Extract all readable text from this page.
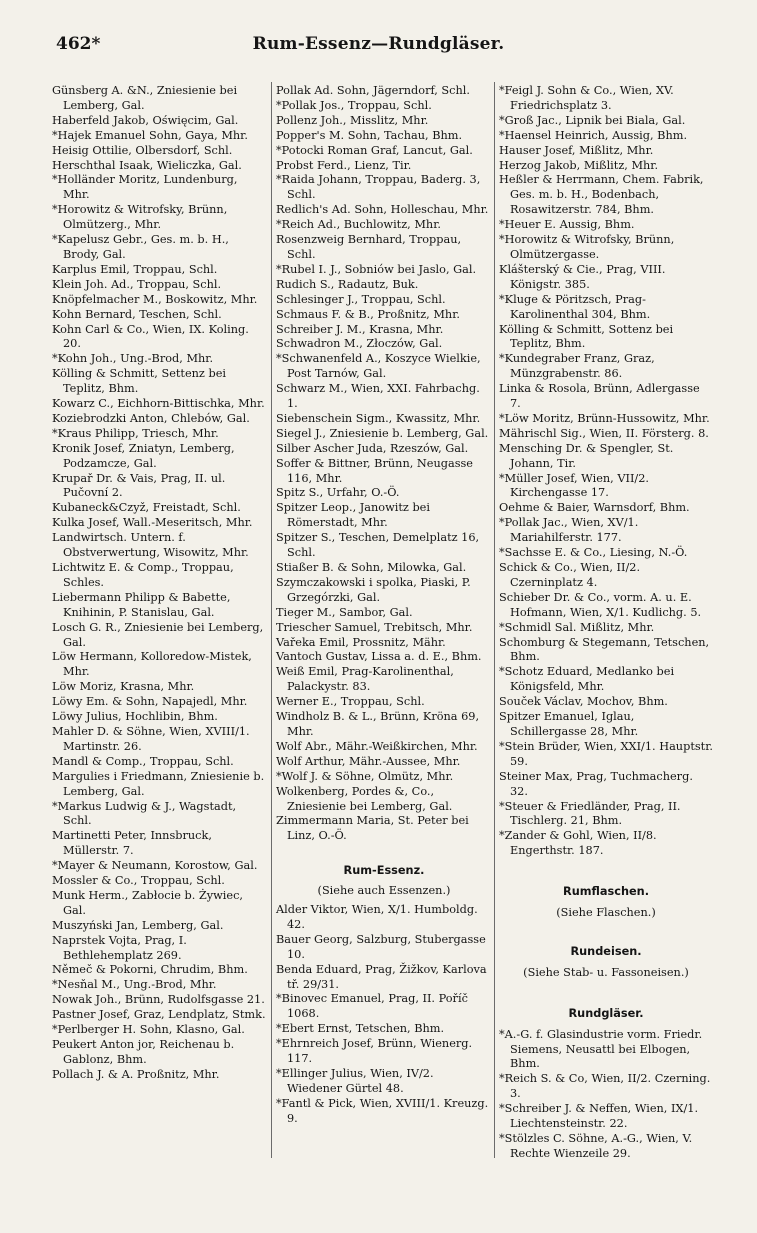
462*	Rum-Essenz—Rundgläser.
Günsberg A. &N., Zniesienie bei Lemberg, Gal.
Haberfeld Jakob, Oświęcim, Gal.
*Hajek Emanuel Sohn, Gaya, Mhr.
Heisig Ottilie, Olbersdorf, Schl.
Herschthal Isaak, Wieliczka, Gal.
*Holländer Moritz, Lundenburg, Mhr.
*Horowitz & Witrofsky, Brünn, Olmützerg., Mhr.
*Kapelusz Gebr., Ges. m. b. H., Brody, Gal.
Karplus Emil, Troppau, Schl.
Klein Joh. Ad., Troppau, Schl.
Knöpfelmacher M., Boskowitz, Mhr.
Kohn Bernard, Teschen, Schl.
Kohn Carl & Co., Wien, IX. Koling. 20.
*Kohn Joh., Ung.-Brod, Mhr.
Kölling & Schmitt, Settenz bei Teplitz, Bhm.
Kowarz C., Eichhorn-Bittischka, Mhr.
Koziebrodzki Anton, Chlebów, Gal.
*Kraus Philipp, Triesch, Mhr.
Kronik Josef, Zniatyn, Lemberg, Podzamcze, Gal.
Krupař Dr. & Vais, Prag, II. ul. Pučovní 2.
Kubaneck&Czyž, Freistadt, Schl.
Kulka Josef, Wall.-Meseritsch, Mhr.
Landwirtsch. Untern. f. Obstverwertung, Wisowitz, Mhr.
Lichtwitz E. & Comp., Troppau, Schles.
Liebermann Philipp & Babette, Knihinin, P. Stanislau, Gal.
Losch G. R., Zniesienie bei Lemberg, Gal.
Löw Hermann, Kolloredow-Mistek, Mhr.
Löw Moriz, Krasna, Mhr.
Löwy Em. & Sohn, Napajedl, Mhr.
Löwy Julius, Hochlibin, Bhm.
Mahler D. & Söhne, Wien, XVIII/1. Martinstr. 26.
Mandl & Comp., Troppau, Schl.
Margulies i Friedmann, Zniesienie b. Lemberg, Gal.
*Markus Ludwig & J., Wagstadt, Schl.
Martinetti Peter, Innsbruck, Müllerstr. 7.
*Mayer & Neumann, Korostow, Gal.
Mossler & Co., Troppau, Schl.
Munk Herm., Zabłocie b. Żywiec, Gal.
Muszyński Jan, Lemberg, Gal.
Naprstek Vojta, Prag, I. Bethlehemplatz 269.
Němeč & Pokorni, Chrudim, Bhm.
*Nesňal M., Ung.-Brod, Mhr.
Nowak Joh., Brünn, Rudolfsgasse 21.
Pastner Josef, Graz, Lendplatz, Stmk.
*Perlberger H. Sohn, Klasno, Gal.
Peukert Anton jor, Reichenau b. Gablonz, Bhm.
Pollach J. & A. Proßnitz, Mhr.
Pollak Ad. Sohn, Jägerndorf, Schl.
*Pollak Jos., Troppau, Schl.
Pollenz Joh., Misslitz, Mhr.
Popper's M. Sohn, Tachau, Bhm.
*Potocki Roman Graf, Lancut, Gal.
Probst Ferd., Lienz, Tir.
*Raida Johann, Troppau, Baderg. 3, Schl.
Redlich's Ad. Sohn, Holleschau, Mhr.
*Reich Ad., Buchlowitz, Mhr.
Rosenzweig Bernhard, Troppau, Schl.
*Rubel I. J., Sobniów bei Jaslo, Gal.
Rudich S., Radautz, Buk.
Schlesinger J., Troppau, Schl.
Schmaus F. & B., Proßnitz, Mhr.
Schreiber J. M., Krasna, Mhr.
Schwadron M., Złoczów, Gal.
*Schwanenfeld A., Koszyce Wielkie, Post Tarnów, Gal.
Schwarz M., Wien, XXI. Fahrbachg. 1.
Siebenschein Sigm., Kwassitz, Mhr.
Siegel J., Zniesienie b. Lemberg, Gal.
Silber Ascher Juda, Rzeszów, Gal.
Soffer & Bittner, Brünn, Neugasse 116, Mhr.
Spitz S., Urfahr, O.-Ö.
Spitzer Leop., Janowitz bei Römerstadt, Mhr.
Spitzer S., Teschen, Demelplatz 16, Schl.
Stiaßer B. & Sohn, Milowka, Gal.
Szymczakowski i spolka, Piaski, P. Grzegórzki, Gal.
Tieger M., Sambor, Gal.
Triescher Samuel, Trebitsch, Mhr.
Vařeka Emil, Prossnitz, Mähr.
Vantoch Gustav, Lissa a. d. E., Bhm.
Weiß Emil, Prag-Karolinenthal, Palackystr. 83.
Werner E., Troppau, Schl.
Windholz B. & L., Brünn, Kröna 69, Mhr.
Wolf Abr., Mähr.-Weißkirchen, Mhr.
Wolf Arthur, Mähr.-Aussee, Mhr.
*Wolf J. & Söhne, Olmütz, Mhr.
Wolkenberg, Pordes &, Co., Zniesienie bei Lemberg, Gal.
Zimmermann Maria, St. Peter bei Linz, O.-Ö.
Rum-Essenz.
(Siehe auch Essenzen.)
Alder Viktor, Wien, X/1. Humboldg. 42.
Bauer Georg, Salzburg, Stubergasse 10.
Benda Eduard, Prag, Žižkov, Karlova tř. 29/31.
*Binovec Emanuel, Prag, II. Poříč 1068.
*Ebert Ernst, Tetschen, Bhm.
*Ehrnreich Josef, Brünn, Wienerg. 117.
*Ellinger Julius, Wien, IV/2. Wiedener Gürtel 48.
*Fantl & Pick, Wien, XVIII/1. Kreuzg. 9.
*Feigl J. Sohn & Co., Wien, XV. Friedrichsplatz 3.
*Groß Jac., Lipnik bei Biala, Gal.
*Haensel Heinrich, Aussig, Bhm.
Hauser Josef, Mißlitz, Mhr.
Herzog Jakob, Mißlitz, Mhr.
Heßler & Herrmann, Chem. Fabrik, Ges. m. b. H., Bodenbach, Rosawitzerstr. 784, Bhm.
*Heuer E. Aussig, Bhm.
*Horowitz & Witrofsky, Brünn, Olmützergasse.
Klášterský & Cie., Prag, VIII. Königstr. 385.
*Kluge & Pöritzsch, Prag-Karolinenthal 304, Bhm.
Kölling & Schmitt, Sottenz bei Teplitz, Bhm.
*Kundegraber Franz, Graz, Münzgrabenstr. 86.
Linka & Rosola, Brünn, Adlergasse 7.
*Löw Moritz, Brünn-Hussowitz, Mhr.
Mährischl Sig., Wien, II. Försterg. 8.
Mensching Dr. & Spengler, St. Johann, Tir.
*Müller Josef, Wien, VII/2. Kirchengasse 17.
Oehme & Baier, Warnsdorf, Bhm.
*Pollak Jac., Wien, XV/1. Mariahilferstr. 177.
*Sachsse E. & Co., Liesing, N.-Ö.
Schick & Co., Wien, II/2. Czerninplatz 4.
Schieber Dr. & Co., vorm. A. u. E. Hofmann, Wien, X/1. Kudlichg. 5.
*Schmidl Sal. Mißlitz, Mhr.
Schomburg & Stegemann, Tetschen, Bhm.
*Schotz Eduard, Medlanko bei Königsfeld, Mhr.
Souček Václav, Mochov, Bhm.
Spitzer Emanuel, Iglau, Schillergasse 28, Mhr.
*Stein Brüder, Wien, XXI/1. Hauptstr. 59.
Steiner Max, Prag, Tuchmacherg. 32.
*Steuer & Friedländer, Prag, II. Tischlerg. 21, Bhm.
*Zander & Gohl, Wien, II/8. Engerthstr. 187.
Rumflaschen.
(Siehe Flaschen.)
Rundeisen.
(Siehe Stab- u. Fassoneisen.)
Rundgläser.
*A.-G. f. Glasindustrie vorm. Friedr. Siemens, Neusattl bei Elbogen, Bhm.
*Reich S. & Co, Wien, II/2. Czerning. 3.
*Schreiber J. & Neffen, Wien, IX/1. Liechtensteinstr. 22.
*Stölzles C. Söhne, A.-G., Wien, V. Rechte Wienzeile 29.
